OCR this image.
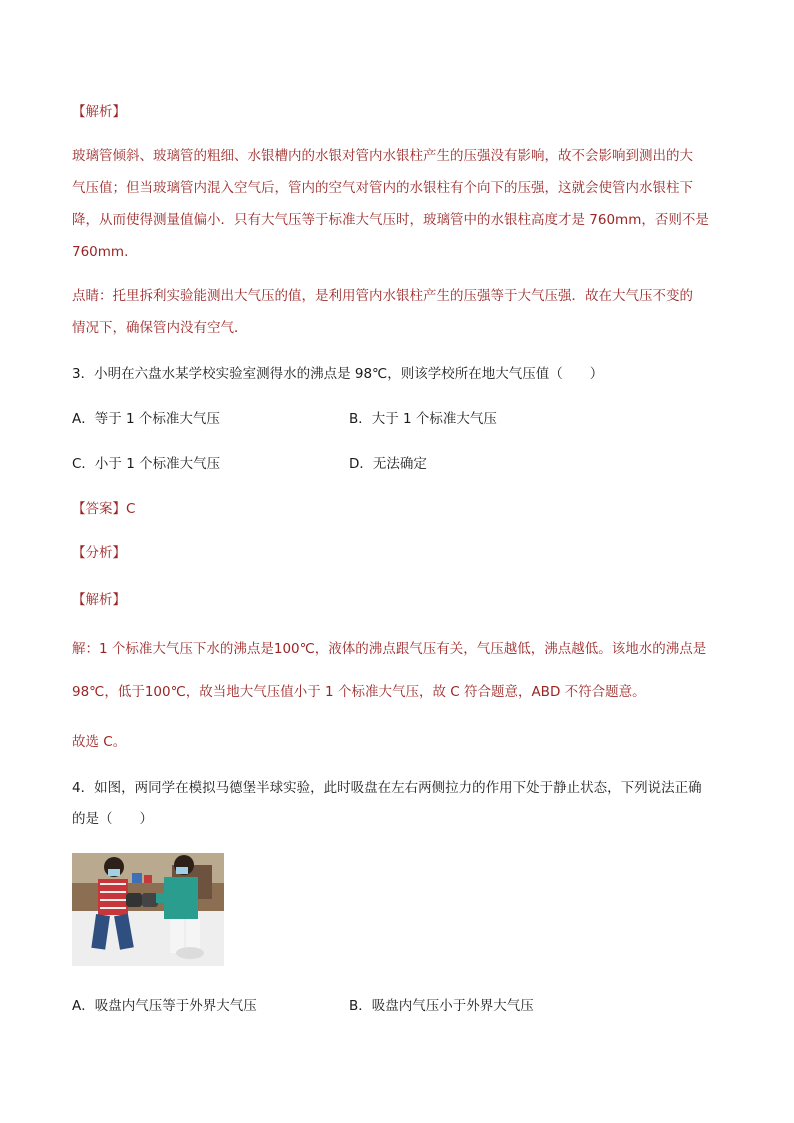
【解析】
玻璃管倾斜、玻璃管的粗细、水银槽内的水银对管内水银柱产生的压强没有影响，故不会影响到测出的大
气压值；但当玻璃管内混入空气后，管内的空气对管内的水银柱有个向下的压强，这就会使管内水银柱下
降，从而使得测量值偏小．只有大气压等于标准大气压时，玻璃管中的水银柱高度才是 760mm，否则不是
760mm.
点睛：托里拆利实验能测出大气压的值，是利用管内水银柱产生的压强等于大气压强．故在大气压不变的
情况下，确保管内没有空气．
3．小明在六盘水某学校实验室测得水的沸点是 98℃，则该学校所在地大气压值（　　）
A．等于 1 个标准大气压	B．大于 1 个标准大气压
C．小于 1 个标准大气压	D．无法确定
【答案】C
【分析】
【解析】
解：1 个标准大气压下水的沸点是100℃，液体的沸点跟气压有关，气压越低，沸点越低。该地水的沸点是
98℃，低于100℃，故当地大气压值小于 1 个标准大气压，故 C 符合题意，ABD 不符合题意。
故选 C。
4．如图，两同学在模拟马德堡半球实验，此时吸盘在左右两侧拉力的作用下处于静止状态，下列说法正确
的是（　　）
A．吸盘内气压等于外界大气压	B．吸盘内气压小于外界大气压
